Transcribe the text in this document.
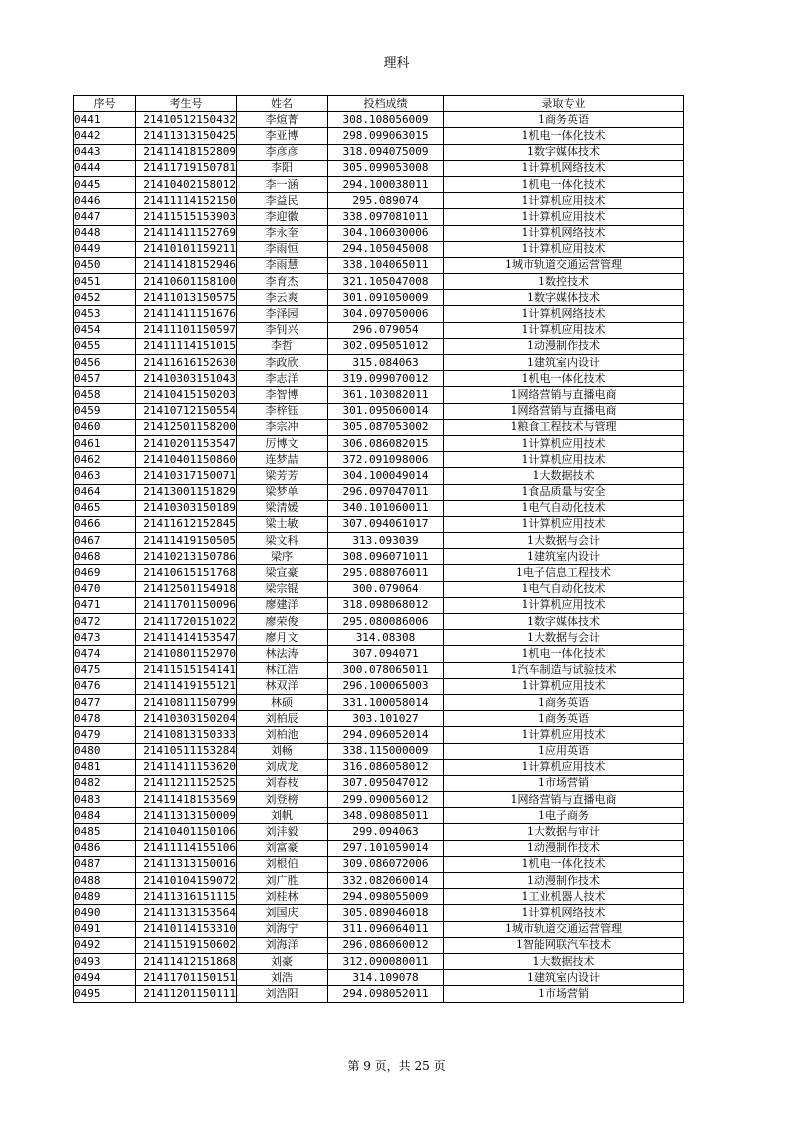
理科
序号	考生号	姓名	投档成绩	录取专业
0441	21410512150432	李煊菁	308.108056009	1商务英语
0442	21411313150425	李亚博	298.099063015	1机电一体化技术
0443	21411418152809	李彦彦	318.094075009	1数字媒体技术
0444	21411719150781	李阳	305.099053008	1计算机网络技术
0445	21410402158012	李一涵	294.100038011	1机电一体化技术
0446	21411114152150	李益民	295.089074	1计算机应用技术
0447	21411515153903	李迎徽	338.097081011	1计算机应用技术
0448	21411411152769	李永奎	304.106030006	1计算机网络技术
0449	21410101159211	李雨恒	294.105045008	1计算机应用技术
0450	21411418152946	李雨慧	338.104065011	1城市轨道交通运营管理
0451	21410601158100	李育杰	321.105047008	1数控技术
0452	21411013150575	李云爽	301.091050009	1数字媒体技术
0453	21411411151676	李泽园	304.097050006	1计算机网络技术
0454	21411101150597	李钊兴	296.079054	1计算机应用技术
0455	21411114151015	李哲	302.095051012	1动漫制作技术
0456	21411616152630	李政欣	315.084063	1建筑室内设计
0457	21410303151043	李志洋	319.099070012	1机电一体化技术
0458	21410415150203	李智博	361.103082011	1网络营销与直播电商
0459	21410712150554	李梓钰	301.095060014	1网络营销与直播电商
0460	21412501158200	李宗冲	305.087053002	1粮食工程技术与管理
0461	21410201153547	厉博文	306.086082015	1计算机应用技术
0462	21410401150860	连梦喆	372.091098006	1计算机应用技术
0463	21410317150071	梁芳芳	304.100049014	1大数据技术
0464	21413001151829	梁梦单	296.097047011	1食品质量与安全
0465	21410303150189	梁清媛	340.101060011	1电气自动化技术
0466	21411612152845	梁士敏	307.094061017	1计算机应用技术
0467	21411419150505	梁文科	313.093039	1大数据与会计
0468	21410213150786	梁序	308.096071011	1建筑室内设计
0469	21410615151768	梁宣豪	295.088076011	1电子信息工程技术
0470	21412501154918	梁宗锟	300.079064	1电气自动化技术
0471	21411701150096	廖建洋	318.098068012	1计算机应用技术
0472	21411720151022	廖荣俊	295.080086006	1数字媒体技术
0473	21411414153547	廖月文	314.08308	1大数据与会计
0474	21410801152970	林法涛	307.094071	1机电一体化技术
0475	21411515154141	林江浩	300.078065011	1汽车制造与试验技术
0476	21411419155121	林双洋	296.100065003	1计算机应用技术
0477	21410811150799	林硕	331.100058014	1商务英语
0478	21410303150204	刘柏辰	303.101027	1商务英语
0479	21410813150333	刘柏池	294.096052014	1计算机应用技术
0480	21410511153284	刘畅	338.115000009	1应用英语
0481	21411411153620	刘成龙	316.086058012	1计算机应用技术
0482	21411211152525	刘春枝	307.095047012	1市场营销
0483	21411418153569	刘登榜	299.090056012	1网络营销与直播电商
0484	21411313150009	刘帆	348.098085011	1电子商务
0485	21410401150106	刘沣毅	299.094063	1大数据与审计
0486	21411114155106	刘富豪	297.101059014	1动漫制作技术
0487	21411313150016	刘根伯	309.086072006	1机电一体化技术
0488	21410104159072	刘广胜	332.082060014	1动漫制作技术
0489	21411316151115	刘桂林	294.098055009	1工业机器人技术
0490	21411313153564	刘国庆	305.089046018	1计算机网络技术
0491	21410114153310	刘海宁	311.096064011	1城市轨道交通运营管理
0492	21411519150602	刘海洋	296.086060012	1智能网联汽车技术
0493	21411412151868	刘豪	312.090080011	1大数据技术
0494	21411701150151	刘浩	314.109078	1建筑室内设计
0495	21411201150111	刘浩阳	294.098052011	1市场营销
第 9 页，共 25 页
